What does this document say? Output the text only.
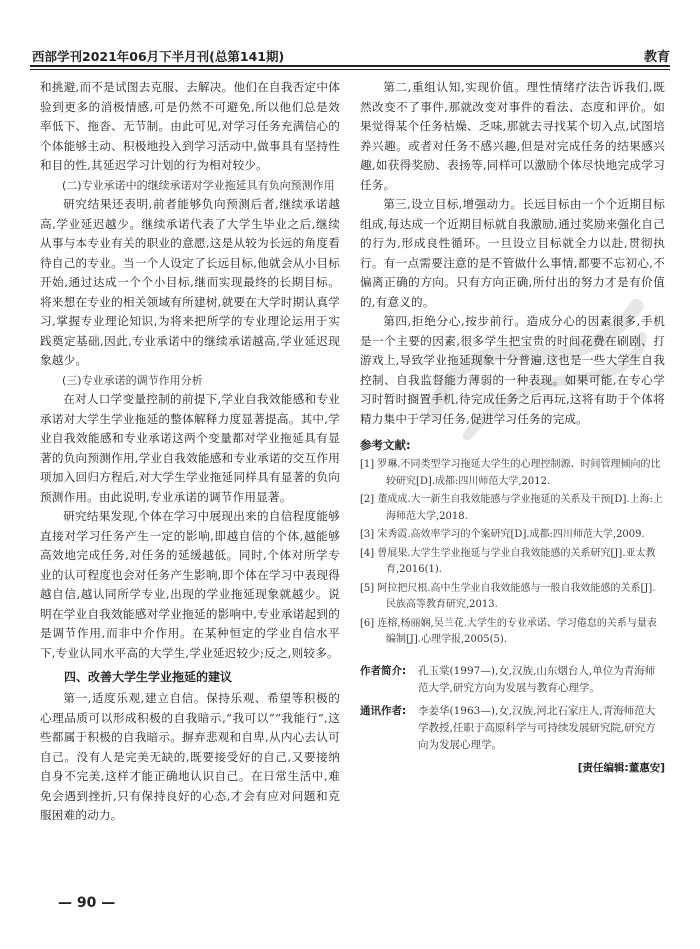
西部学刊2021年06月下半月刊(总第141期)	教育

和挑避,而不是试图去克服、去解决。他们在自我否定中体验到更多的消极情感,可是仍然不可避免,所以他们总是效率低下、拖沓、无节制。由此可见,对学习任务充满信心的个体能够主动、积极地投入到学习活动中,做事具有坚持性和目的性,其延迟学习计划的行为相对较少。

(二)专业承诺中的继续承诺对学业拖延具有负向预测作用

研究结果还表明,前者能够负向预测后者,继续承诺越高,学业延迟越少。继续承诺代表了大学生毕业之后,继续从事与本专业有关的职业的意愿,这是从较为长远的角度看待自己的专业。当一个人设定了长远目标,他就会从小目标开始,通过达成一个个小目标,继而实现最终的长期目标。将来想在专业的相关领域有所建树,就要在大学时期认真学习,掌握专业理论知识,为将来把所学的专业理论运用于实践奠定基础,因此,专业承诺中的继续承诺越高,学业延迟现象越少。

(三)专业承诺的调节作用分析

在对人口学变量控制的前提下,学业自我效能感和专业承诺对大学生学业拖延的整体解释力度显著提高。其中,学业自我效能感和专业承诺这两个变量都对学业拖延具有显著的负向预测作用,学业自我效能感和专业承诺的交互作用项加入回归方程后,对大学生学业拖延同样具有显著的负向预测作用。由此说明,专业承诺的调节作用显著。

研究结果发现,个体在学习中展现出来的自信程度能够直接对学习任务产生一定的影响,即越自信的个体,越能够高效地完成任务,对任务的延缓越低。同时,个体对所学专业的认可程度也会对任务产生影响,即个体在学习中表现得越自信,越认同所学专业,出现的学业拖延现象就越少。说明在学业自我效能感对学业拖延的影响中,专业承诺起到的是调节作用,而非中介作用。在某种恒定的学业自信水平下,专业认同水平高的大学生,学业延迟较少;反之,则较多。

四、改善大学生学业拖延的建议

第一,适度乐观,建立自信。保持乐观、希望等积极的心理品质可以形成积极的自我暗示,“我可以”“我能行”,这些都属于积极的自我暗示。摒弃悲观和自卑,从内心去认可自己。没有人是完美无缺的,既要接受好的自己,又要接纳自身不完美,这样才能正确地认识自己。在日常生活中,难免会遇到挫折,只有保持良好的心态,才会有应对问题和克服困难的动力。

第二,重组认知,实现价值。理性情绪疗法告诉我们,既然改变不了事件,那就改变对事件的看法、态度和评价。如果觉得某个任务枯燥、乏味,那就去寻找某个切入点,试图培养兴趣。或者对任务不感兴趣,但是对完成任务的结果感兴趣,如获得奖励、表扬等,同样可以激励个体尽快地完成学习任务。

第三,设立目标,增强动力。长远目标由一个个近期目标组成,每达成一个近期目标就自我激励,通过奖励来强化自己的行为,形成良性循环。一旦设立目标就全力以赴,贯彻执行。有一点需要注意的是不管做什么事情,都要不忘初心,不偏离正确的方向。只有方向正确,所付出的努力才是有价值的,有意义的。

第四,拒绝分心,按步前行。造成分心的因素很多,手机是一个主要的因素,很多学生把宝贵的时间花费在刷剧、打游戏上,导致学业拖延现象十分普遍,这也是一些大学生自我控制、自我监督能力薄弱的一种表现。如果可能,在专心学习时暂时搁置手机,待完成任务之后再玩,这将有助于个体将精力集中于学习任务,促进学习任务的完成。

参考文献:

[1] 罗琳.不同类型学习拖延大学生的心理控制源、时间管理倾向的比较研究[D].成都:四川师范大学,2012.

[2] 董成成.大一新生自我效能感与学业拖延的关系及干预[D].上海:上海师范大学,2018.

[3] 宋秀霞.高效率学习的个案研究[D].成都:四川师范大学,2009.

[4] 曾展果.大学生学业拖延与学业自我效能感的关系研究[J].亚太教育,2016(1).

[5] 阿拉把尺根.高中生学业自我效能感与一般自我效能感的关系[J].民族高等教育研究,2013.

[6] 连榕,杨丽娴,吴兰花.大学生的专业承诺、学习倦怠的关系与量表编制[J].心理学报,2005(5).

作者简介:	孔玉棠(1997—),女,汉族,山东烟台人,单位为青海师范大学,研究方向为发展与教育心理学。
通讯作者:	李姜华(1963—),女,汉族,河北石家庄人,青海师范大学教授,任职于高原科学与可持续发展研究院,研究方向为发展心理学。
[责任编辑:董惠安]
— 90 —
